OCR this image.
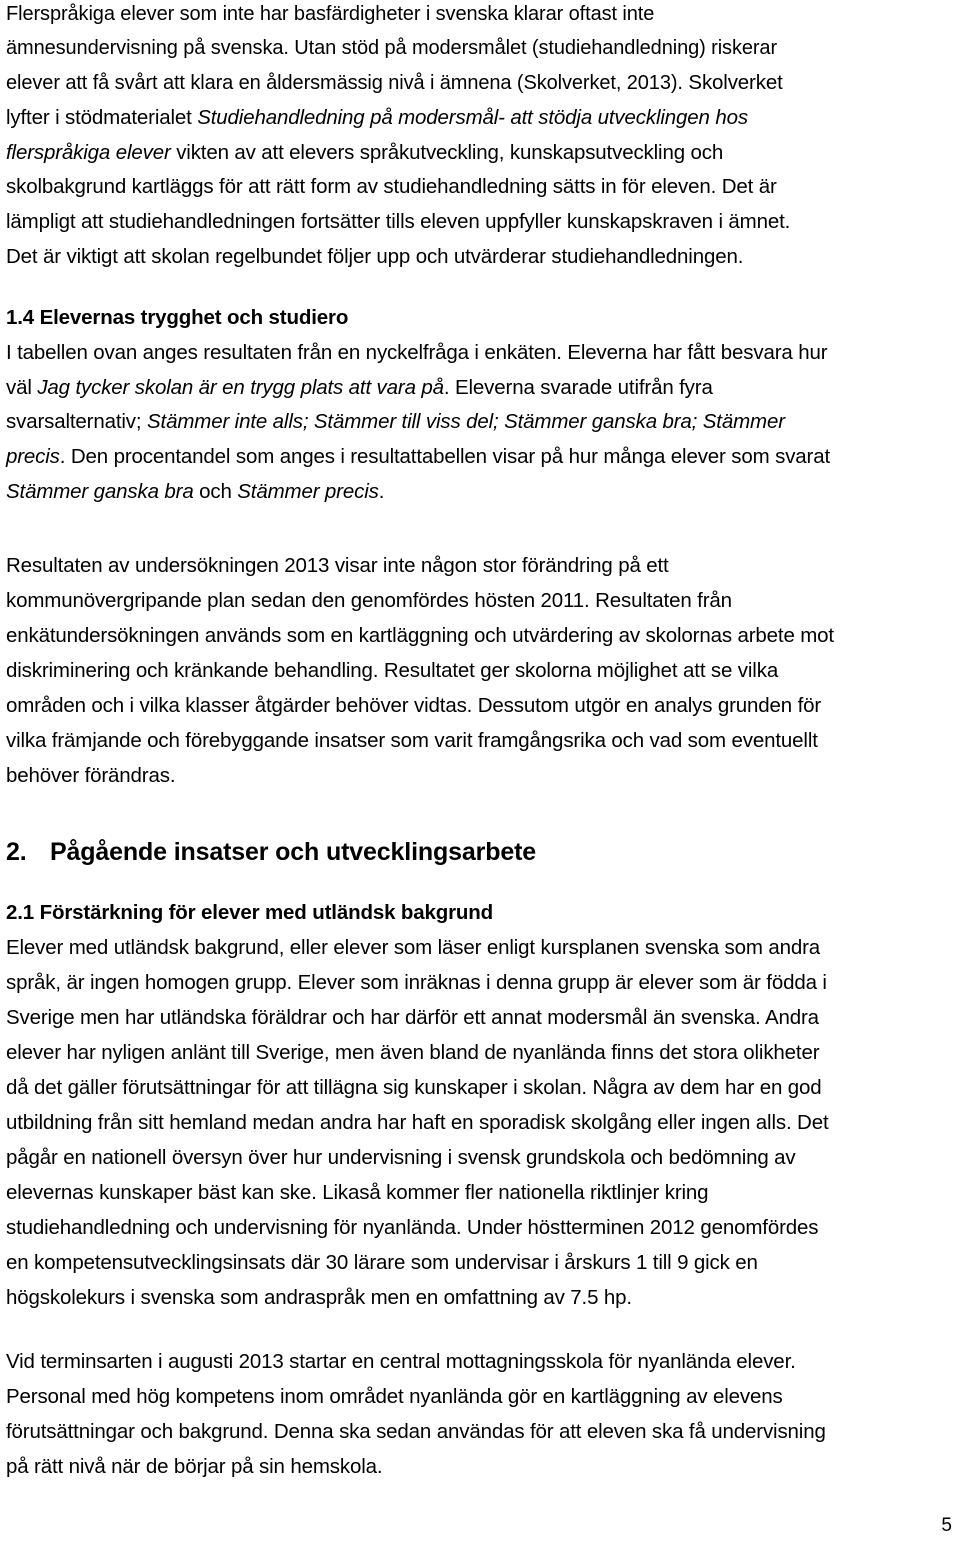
Flerspråkiga elever som inte har basfärdigheter i svenska klarar oftast inte
ämnesundervisning på svenska. Utan stöd på modersmålet (studiehandledning) riskerar
elever att få svårt att klara en åldersmässig nivå i ämnena (Skolverket, 2013). Skolverket
lyfter i stödmaterialet Studiehandledning på modersmål- att stödja utvecklingen hos
flerspråkiga elever vikten av att elevers språkutveckling, kunskapsutveckling och
skolbakgrund kartläggs för att rätt form av studiehandledning sätts in för eleven. Det är
lämpligt att studiehandledningen fortsätter tills eleven uppfyller kunskapskraven i ämnet.
Det är viktigt att skolan regelbundet följer upp och utvärderar studiehandledningen.
1.4 Elevernas trygghet och studiero
I tabellen ovan anges resultaten från en nyckelfråga i enkäten. Eleverna har fått besvara hur
väl Jag tycker skolan är en trygg plats att vara på. Eleverna svarade utifrån fyra
svarsalternativ; Stämmer inte alls; Stämmer till viss del; Stämmer ganska bra; Stämmer
precis. Den procentandel som anges i resultattabellen visar på hur många elever som svarat
Stämmer ganska bra och Stämmer precis.
Resultaten av undersökningen 2013 visar inte någon stor förändring på ett
kommunövergripande plan sedan den genomfördes hösten 2011. Resultaten från
enkätundersökningen används som en kartläggning och utvärdering av skolornas arbete mot
diskriminering och kränkande behandling. Resultatet ger skolorna möjlighet att se vilka
områden och i vilka klasser åtgärder behöver vidtas. Dessutom utgör en analys grunden för
vilka främjande och förebyggande insatser som varit framgångsrika och vad som eventuellt
behöver förändras.
2. Pågående insatser och utvecklingsarbete
2.1 Förstärkning för elever med utländsk bakgrund
Elever med utländsk bakgrund, eller elever som läser enligt kursplanen svenska som andra
språk, är ingen homogen grupp. Elever som inräknas i denna grupp är elever som är födda i
Sverige men har utländska föräldrar och har därför ett annat modersmål än svenska. Andra
elever har nyligen anlänt till Sverige, men även bland de nyanlända finns det stora olikheter
då det gäller förutsättningar för att tillägna sig kunskaper i skolan. Några av dem har en god
utbildning från sitt hemland medan andra har haft en sporadisk skolgång eller ingen alls. Det
pågår en nationell översyn över hur undervisning i svensk grundskola och bedömning av
elevernas kunskaper bäst kan ske. Likaså kommer fler nationella riktlinjer kring
studiehandledning och undervisning för nyanlända. Under höstterminen 2012 genomfördes
en kompetensutvecklingsinsats där 30 lärare som undervisar i årskurs 1 till 9 gick en
högskolekurs i svenska som andraspråk men en omfattning av 7.5 hp.
Vid terminsarten i augusti 2013 startar en central mottagningsskola för nyanlända elever.
Personal med hög kompetens inom området nyanlända gör en kartläggning av elevens
förutsättningar och bakgrund. Denna ska sedan användas för att eleven ska få undervisning
på rätt nivå när de börjar på sin hemskola.
5
